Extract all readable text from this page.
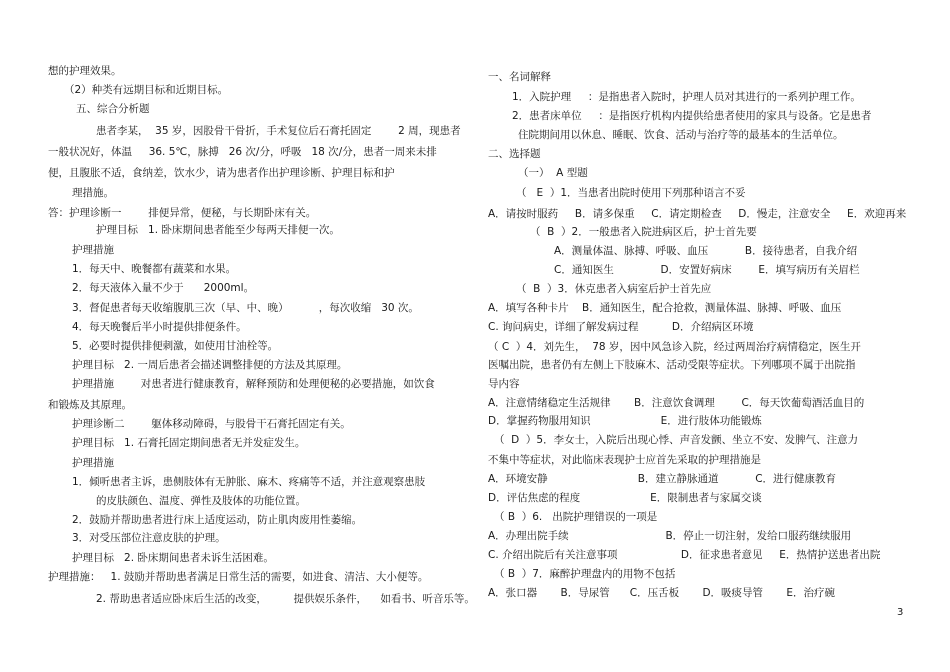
想的护理效果。
（2）种类有远期目标和近期目标。
五、综合分析题
患者李某，  35 岁，因股骨干骨折，手术复位后石膏托固定        2 周，现患者
一般状况好，体温     36. 5℃，脉搏   26 次/分，呼吸   18 次/分，患者一周来未排
便，且腹胀不适，食纳差，饮水少，请为患者作出护理诊断、护理目标和护
理措施。
答：护理诊断一        排便异常，便秘，与长期卧床有关。
护理目标   1. 卧床期间患者能至少每两天排便一次。
护理措施
1．每天中、晚餐都有蔬菜和水果。
2．每天液体入量不少于      2000ml。
3．督促患者每天收缩腹肌三次（早、中、晚）         ，每次收缩   30 次。
4．每天晚餐后半小时提供排便条件。
5．必要时提供排便刺激，如使用甘油栓等。
护理目标   2. 一周后患者会描述调整排便的方法及其原理。
护理措施        对患者进行健康教育，解释预防和处理便秘的必要措施，如饮食
和锻炼及其原理。
护理诊断二        躯体移动障碍，与股骨干石膏托固定有关。
护理目标   1. 石膏托固定期间患者无并发症发生。
护理措施
1．倾听患者主诉，患侧肢体有无肿胀、麻木、疼痛等不适，并注意观察患肢
的皮肤颜色、温度、弹性及肢体的功能位置。
2．鼓励并帮助患者进行床上适度运动，防止肌肉废用性萎缩。
3．对受压部位注意皮肤的护理。
护理目标   2. 卧床期间患者未诉生活困难。
护理措施：   1. 鼓励并帮助患者满足日常生活的需要，如进食、清洁、大小便等。
2. 帮助患者适应卧床后生活的改变，        提供娱乐条件，    如看书、听音乐等。
一、名词解释
1．入院护理     ：是指患者入院时，护理人员对其进行的一系列护理工作。
2．患者床单位     ：是指医疗机构内提供给患者使用的家具与设备。它是患者
住院期间用以休息、睡眠、饮食、活动与治疗等的最基本的生活单位。
二、选择题
（一）  A 型题
（   E  ）1．当患者出院时使用下列那种语言不妥
A．请按时服药     B．请多保重     C．请定期检查     D．慢走，注意安全     E．欢迎再来
（  B  ）2．一般患者入院进病区后，护士首先要
A．测量体温、脉搏、呼吸、血压           B．接待患者，自我介绍
C．通知医生              D．安置好病床        E．填写病历有关眉栏
（  B  ）3．休克患者入病室后护士首先应
A．填写各种卡片    B．通知医生，配合抢救，测量体温、脉搏、呼吸、血压
C. 询问病史，详细了解发病过程          D．介绍病区环境
（ C  ）4．刘先生，  78 岁，因中风急诊入院，经过两周治疗病情稳定，医生开
医嘱出院，患者仍有左侧上下肢麻木、活动受限等症状。下列哪项不属于出院指
导内容
A．注意情绪稳定生活规律       B．注意饮食调理        C．每天饮葡萄酒活血目的
D．掌握药物服用知识                     E．进行肢体功能锻炼
（  D  ）5．李女士，入院后出现心悸、声音发颤、坐立不安、发脾气、注意力
不集中等症状，对此临床表现护士应首先采取的护理措施是
A．环境安静                           B．建立静脉通道           C．进行健康教育
D．评估焦虑的程度                     E．限制患者与家属交谈
（ B  ）6.   出院护理错误的一项是
A．办理出院手续                             B．停止一切注射，发给口服药继续服用
C. 介绍出院后有关注意事项                   D．征求患者意见     E．热情护送患者出院
（ B  ）7．麻醉护理盘内的用物不包括
A．张口器       B．导尿管      C．压舌板       D．吸痰导管       E．治疗碗
3
